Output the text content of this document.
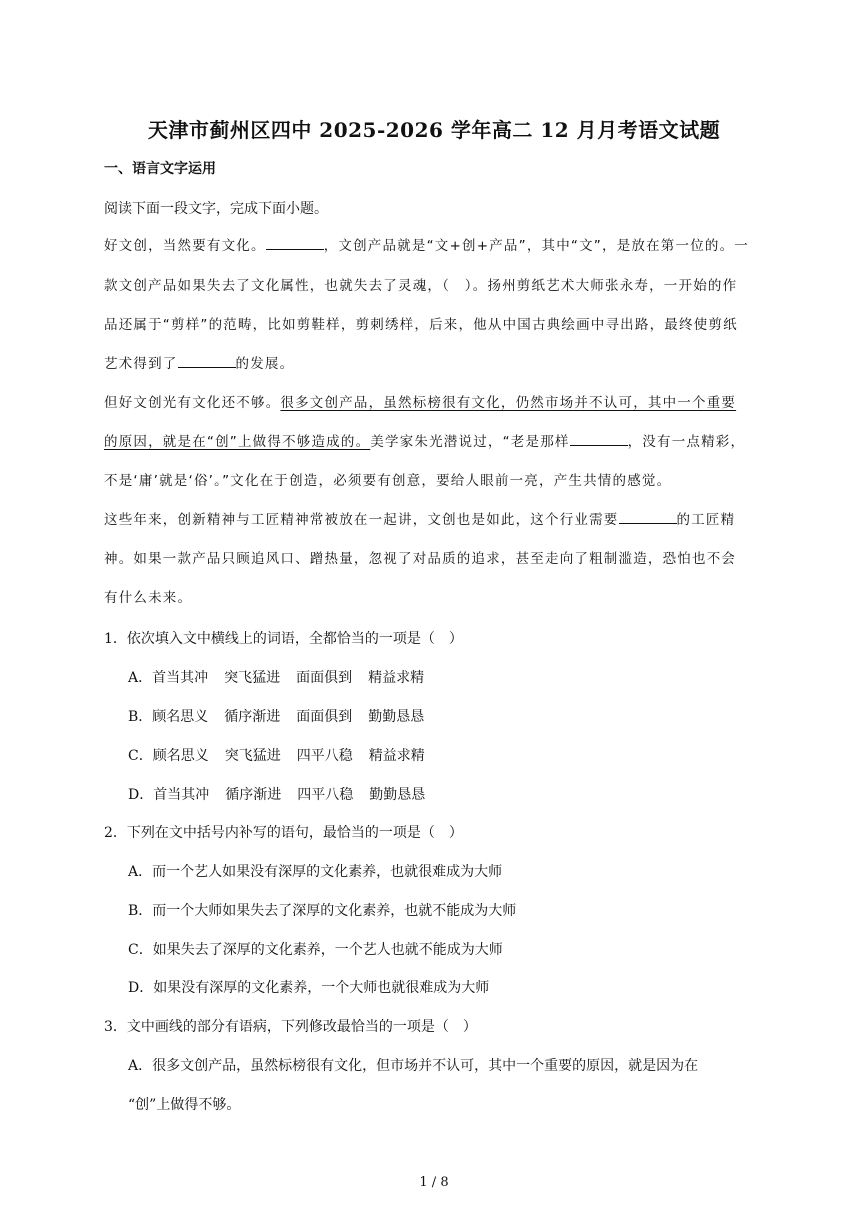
天津市蓟州区四中 2025-2026 学年高二 12 月月考语文试题
一、语言文字运用
阅读下面一段文字，完成下面小题。
好文创，当然要有文化。	，文创产品就是“文+创+产品”，其中“文”，是放在第一位的。一
款文创产品如果失去了文化属性，也就失去了灵魂，（　）。扬州剪纸艺术大师张永寿，一开始的作
品还属于“剪样”的范畴，比如剪鞋样，剪刺绣样，后来，他从中国古典绘画中寻出路，最终使剪纸
艺术得到了	的发展。
但好文创光有文化还不够。很多文创产品，虽然标榜很有文化，仍然市场并不认可，其中一个重要
的原因，就是在“创”上做得不够造成的。美学家朱光潜说过，“老是那样	，没有一点精彩，
不是‘庸’就是‘俗’。”文化在于创造，必须要有创意，要给人眼前一亮，产生共情的感觉。
这些年来，创新精神与工匠精神常被放在一起讲，文创也是如此，这个行业需要	的工匠精
神。如果一款产品只顾追风口、蹭热量，忽视了对品质的追求，甚至走向了粗制滥造，恐怕也不会
有什么未来。
1．依次填入文中横线上的词语，全都恰当的一项是（　）
A．首当其冲 突飞猛进 面面俱到 精益求精
B．顾名思义 循序渐进 面面俱到 勤勤恳恳
C．顾名思义 突飞猛进 四平八稳 精益求精
D．首当其冲 循序渐进 四平八稳 勤勤恳恳
2．下列在文中括号内补写的语句，最恰当的一项是（　）
A．而一个艺人如果没有深厚的文化素养，也就很难成为大师
B．而一个大师如果失去了深厚的文化素养，也就不能成为大师
C．如果失去了深厚的文化素养，一个艺人也就不能成为大师
D．如果没有深厚的文化素养，一个大师也就很难成为大师
3．文中画线的部分有语病，下列修改最恰当的一项是（　）
A．很多文创产品，虽然标榜很有文化，但市场并不认可，其中一个重要的原因，就是因为在
“创”上做得不够。
1 / 8
